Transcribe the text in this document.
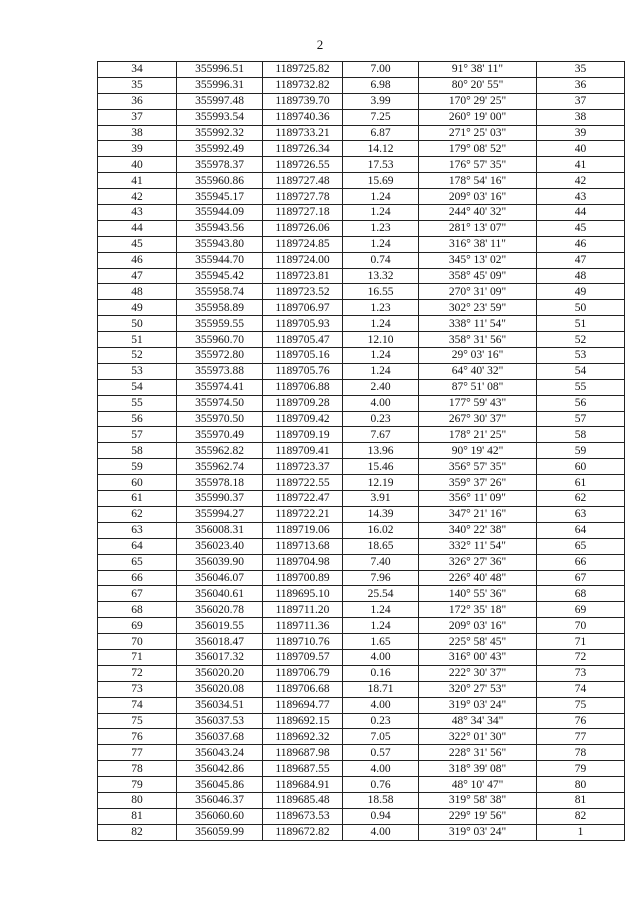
2
34	355996.51	1189725.82	7.00	91° 38' 11"	35
35	355996.31	1189732.82	6.98	80° 20' 55"	36
36	355997.48	1189739.70	3.99	170° 29' 25"	37
37	355993.54	1189740.36	7.25	260° 19' 00"	38
38	355992.32	1189733.21	6.87	271° 25' 03"	39
39	355992.49	1189726.34	14.12	179° 08' 52"	40
40	355978.37	1189726.55	17.53	176° 57' 35"	41
41	355960.86	1189727.48	15.69	178° 54' 16"	42
42	355945.17	1189727.78	1.24	209° 03' 16"	43
43	355944.09	1189727.18	1.24	244° 40' 32"	44
44	355943.56	1189726.06	1.23	281° 13' 07"	45
45	355943.80	1189724.85	1.24	316° 38' 11"	46
46	355944.70	1189724.00	0.74	345° 13' 02"	47
47	355945.42	1189723.81	13.32	358° 45' 09"	48
48	355958.74	1189723.52	16.55	270° 31' 09"	49
49	355958.89	1189706.97	1.23	302° 23' 59"	50
50	355959.55	1189705.93	1.24	338° 11' 54"	51
51	355960.70	1189705.47	12.10	358° 31' 56"	52
52	355972.80	1189705.16	1.24	29° 03' 16"	53
53	355973.88	1189705.76	1.24	64° 40' 32"	54
54	355974.41	1189706.88	2.40	87° 51' 08"	55
55	355974.50	1189709.28	4.00	177° 59' 43"	56
56	355970.50	1189709.42	0.23	267° 30' 37"	57
57	355970.49	1189709.19	7.67	178° 21' 25"	58
58	355962.82	1189709.41	13.96	90° 19' 42"	59
59	355962.74	1189723.37	15.46	356° 57' 35"	60
60	355978.18	1189722.55	12.19	359° 37' 26"	61
61	355990.37	1189722.47	3.91	356° 11' 09"	62
62	355994.27	1189722.21	14.39	347° 21' 16"	63
63	356008.31	1189719.06	16.02	340° 22' 38"	64
64	356023.40	1189713.68	18.65	332° 11' 54"	65
65	356039.90	1189704.98	7.40	326° 27' 36"	66
66	356046.07	1189700.89	7.96	226° 40' 48"	67
67	356040.61	1189695.10	25.54	140° 55' 36"	68
68	356020.78	1189711.20	1.24	172° 35' 18"	69
69	356019.55	1189711.36	1.24	209° 03' 16"	70
70	356018.47	1189710.76	1.65	225° 58' 45"	71
71	356017.32	1189709.57	4.00	316° 00' 43"	72
72	356020.20	1189706.79	0.16	222° 30' 37"	73
73	356020.08	1189706.68	18.71	320° 27' 53"	74
74	356034.51	1189694.77	4.00	319° 03' 24"	75
75	356037.53	1189692.15	0.23	48° 34' 34"	76
76	356037.68	1189692.32	7.05	322° 01' 30"	77
77	356043.24	1189687.98	0.57	228° 31' 56"	78
78	356042.86	1189687.55	4.00	318° 39' 08"	79
79	356045.86	1189684.91	0.76	48° 10' 47"	80
80	356046.37	1189685.48	18.58	319° 58' 38"	81
81	356060.60	1189673.53	0.94	229° 19' 56"	82
82	356059.99	1189672.82	4.00	319° 03' 24"	1
